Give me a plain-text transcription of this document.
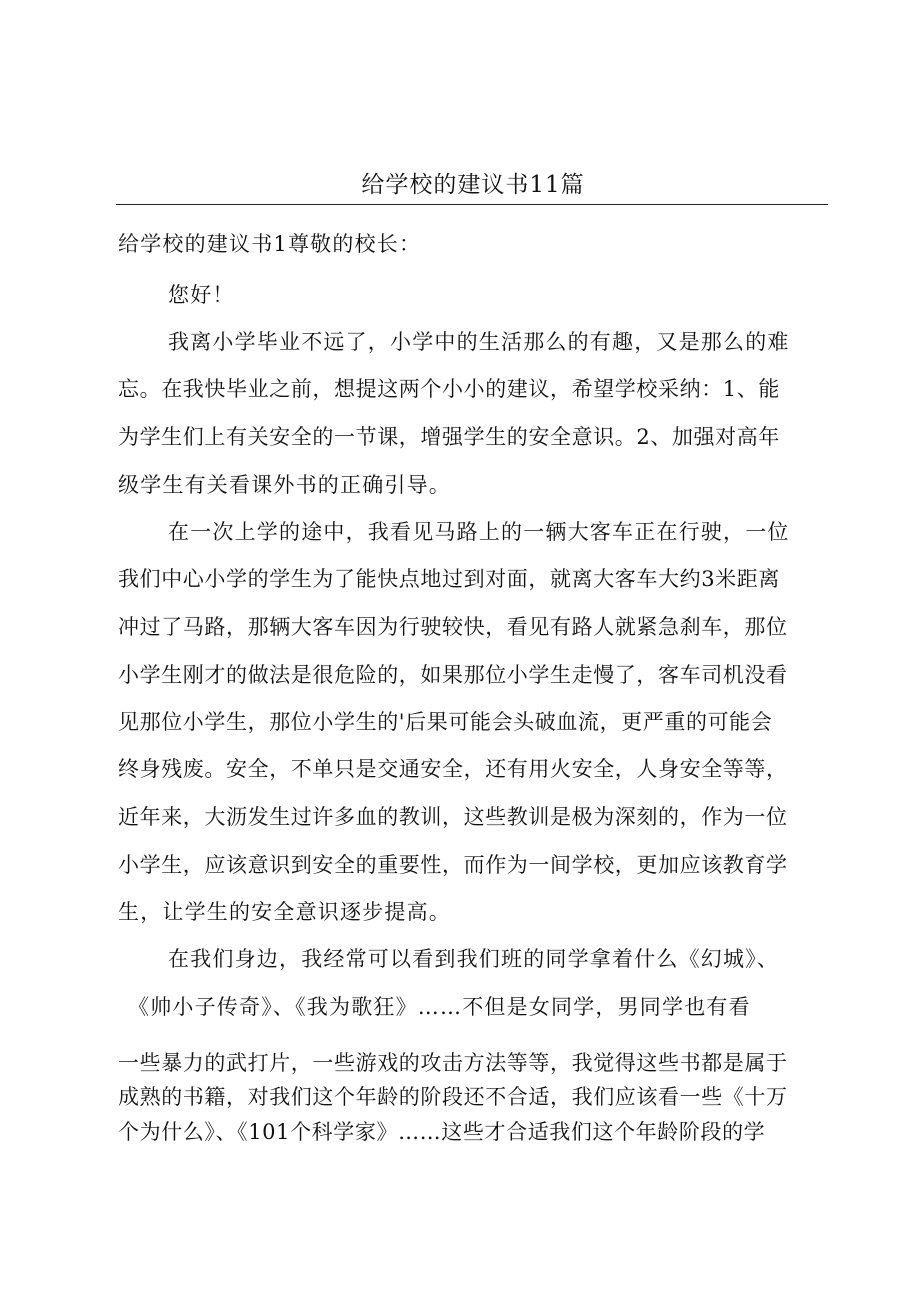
给学校的建议书11篇
给学校的建议书1尊敬的校长：
您好！
我离小学毕业不远了，小学中的生活那么的有趣，又是那么的难
忘。在我快毕业之前，想提这两个小小的建议，希望学校采纳：1、能
为学生们上有关安全的一节课，增强学生的安全意识。2、加强对高年
级学生有关看课外书的正确引导。
在一次上学的途中，我看见马路上的一辆大客车正在行驶，一位
我们中心小学的学生为了能快点地过到对面，就离大客车大约3米距离
冲过了马路，那辆大客车因为行驶较快，看见有路人就紧急刹车，那位
小学生刚才的做法是很危险的，如果那位小学生走慢了，客车司机没看
见那位小学生，那位小学生的'后果可能会头破血流，更严重的可能会
终身残废。安全，不单只是交通安全，还有用火安全，人身安全等等，
近年来，大沥发生过许多血的教训，这些教训是极为深刻的，作为一位
小学生，应该意识到安全的重要性，而作为一间学校，更加应该教育学
生，让学生的安全意识逐步提高。
在我们身边，我经常可以看到我们班的同学拿着什么《幻城》、
《帅小子传奇》、《我为歌狂》……不但是女同学，男同学也有看
一些暴力的武打片，一些游戏的攻击方法等等，我觉得这些书都是属于
成熟的书籍，对我们这个年龄的阶段还不合适，我们应该看一些《十万
个为什么》、《101个科学家》……这些才合适我们这个年龄阶段的学
